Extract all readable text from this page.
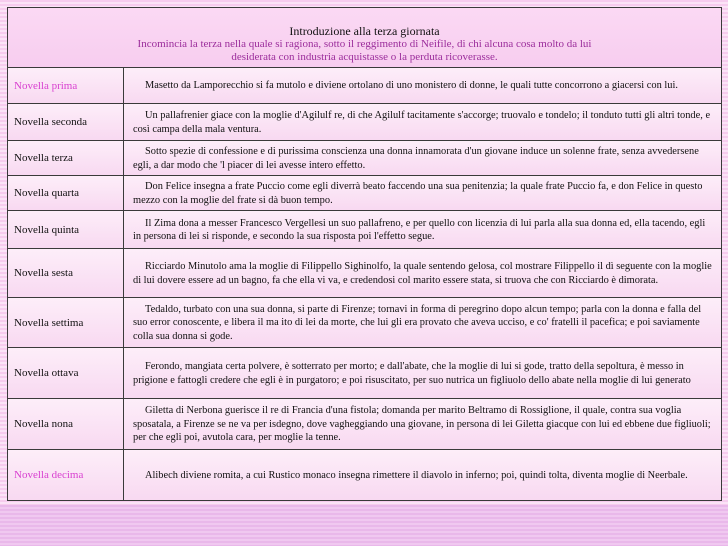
Introduzione alla terza giornata
Incomincia la terza nella quale si ragiona, sotto il reggimento di Neifile, di chi alcuna cosa molto da lui desiderata con industria acquistasse o la perduta ricoverasse.
Novella prima	Masetto da Lamporecchio si fa mutolo e diviene ortolano di uno monistero di donne, le quali tutte concorrono a giacersi con lui.
Novella seconda
Un pallafrenier giace con la moglie d'Agilulf re, di che Agilulf tacitamente s'accorge; truovalo e tondelo; il tonduto tutti gli altri tonde, e così campa della mala ventura.
Novella terza
Sotto spezie di confessione e di purissima conscienza una donna innamorata d'un giovane induce un solenne frate, senza avvedersene egli, a dar modo che 'l piacer di lei avesse intero effetto.
Novella quarta
Don Felice insegna a frate Puccio come egli diverrà beato faccendo una sua penitenzia; la quale frate Puccio fa, e don Felice in questo mezzo con la moglie del frate si dà buon tempo.
Novella quinta
Il Zima dona a messer Francesco Vergellesi un suo pallafreno, e per quello con licenzia di lui parla alla sua donna ed, ella tacendo, egli in persona di lei si risponde, e secondo la sua risposta poi l'effetto segue.
Novella sesta
Ricciardo Minutolo ama la moglie di Filippello Sighinolfo, la quale sentendo gelosa, col mostrare Filippello il dì seguente con la moglie di lui dovere essere ad un bagno, fa che ella vi va, e credendosi col marito essere stata, si truova che con Ricciardo è dimorata.
Novella settima
Tedaldo, turbato con una sua donna, si parte di Firenze; tornavi in forma di peregrino dopo alcun tempo; parla con la donna e falla del suo error conoscente, e libera il ma ito di lei da morte, che lui gli era provato che aveva ucciso, e co' fratelli il pacefica; e poi saviamente colla sua donna si gode.
Novella ottava
Ferondo, mangiata certa polvere, è sotterrato per morto; e dall'abate, che la moglie di lui si gode, tratto della sepoltura, è messo in prigione e fattogli credere che egli è in purgatoro; e poi risuscitato, per suo nutrica un figliuolo dello abate nella moglie di lui generato
Novella nona
Giletta di Nerbona guerisce il re di Francia d'una fistola; domanda per marito Beltramo di Rossiglione, il quale, contra sua voglia sposatala, a Firenze se ne va per isdegno, dove vagheggiando una giovane, in persona di lei Giletta giacque con lui ed ebbene due figliuoli; per che egli poi, avutola cara, per moglie la tenne.
Novella decima	Alibech diviene romita, a cui Rustico monaco insegna rimettere il diavolo in inferno; poi, quindi tolta, diventa moglie di Neerbale.
